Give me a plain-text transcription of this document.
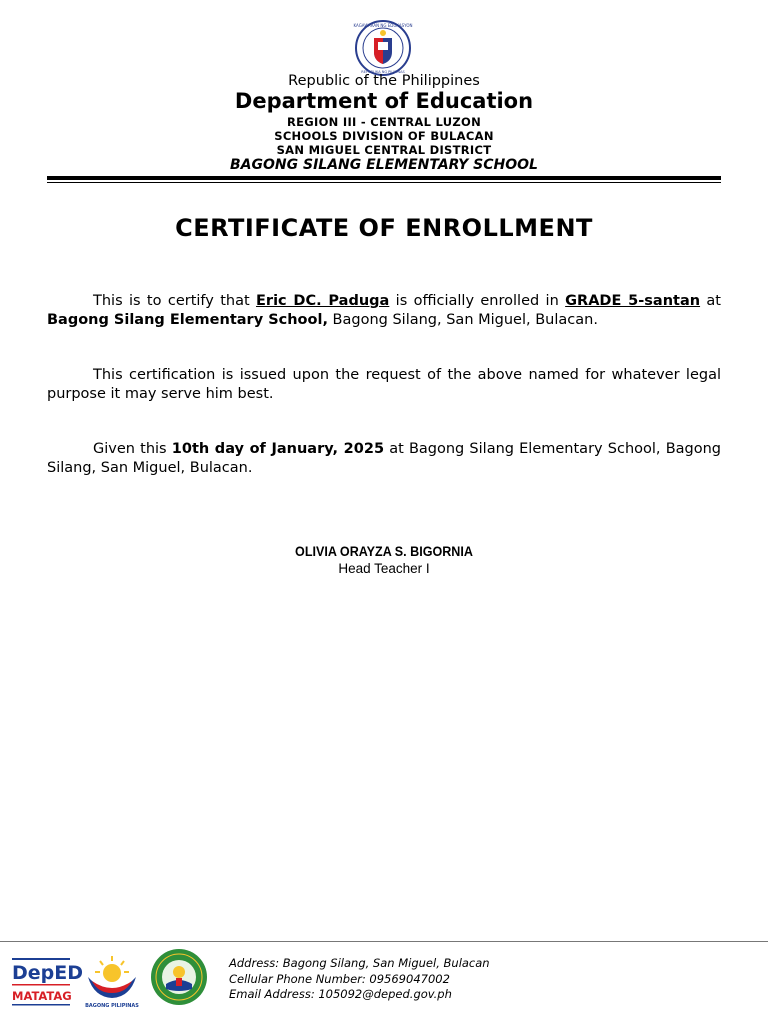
KAGAWARAN NG EDUKASYON
REPUBLIKA NG PILIPINAS
Republic of the Philippines
Department of Education
REGION III - CENTRAL LUZON
SCHOOLS DIVISION OF BULACAN
SAN MIGUEL CENTRAL DISTRICT
BAGONG SILANG ELEMENTARY SCHOOL
CERTIFICATE OF ENROLLMENT
This is to certify that Eric DC. Paduga is officially enrolled in GRADE 5-santan at Bagong Silang Elementary School, Bagong Silang, San Miguel, Bulacan.
This certification is issued upon the request of the above named for whatever legal purpose it may serve him best.
Given this 10th day of January, 2025 at Bagong Silang Elementary School, Bagong Silang, San Miguel, Bulacan.
OLIVIA ORAYZA S. BIGORNIA
Head Teacher I
DepED
MATATAG
BAGONG PILIPINAS
Address: Bagong Silang, San Miguel, Bulacan
Cellular Phone Number: 09569047002
Email Address: 105092@deped.gov.ph
